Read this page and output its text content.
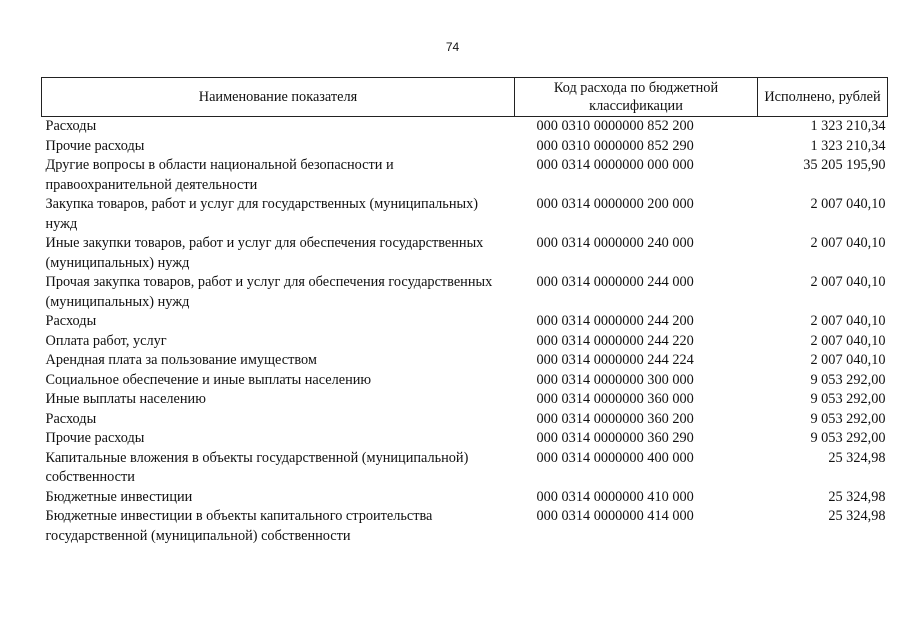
74
Наименование показателя	Код расхода по бюджетной классификации	Исполнено, рублей
Расходы	000 0310 0000000 852 200	1 323 210,34
Прочие расходы	000 0310 0000000 852 290	1 323 210,34
Другие вопросы в области национальной безопасности и правоохранительной деятельности	000 0314 0000000 000 000	35 205 195,90
Закупка товаров, работ и услуг для государственных (муниципальных) нужд	000 0314 0000000 200 000	2 007 040,10
Иные закупки товаров, работ и услуг для обеспечения государственных (муниципальных) нужд	000 0314 0000000 240 000	2 007 040,10
Прочая закупка товаров, работ и услуг для обеспечения государственных (муниципальных) нужд	000 0314 0000000 244 000	2 007 040,10
Расходы	000 0314 0000000 244 200	2 007 040,10
Оплата работ, услуг	000 0314 0000000 244 220	2 007 040,10
Арендная плата за пользование имуществом	000 0314 0000000 244 224	2 007 040,10
Социальное обеспечение и иные выплаты населению	000 0314 0000000 300 000	9 053 292,00
Иные выплаты населению	000 0314 0000000 360 000	9 053 292,00
Расходы	000 0314 0000000 360 200	9 053 292,00
Прочие расходы	000 0314 0000000 360 290	9 053 292,00
Капитальные вложения в объекты государственной (муниципальной) собственности	000 0314 0000000 400 000	25 324,98
Бюджетные инвестиции	000 0314 0000000 410 000	25 324,98
Бюджетные инвестиции в объекты капитального строительства государственной (муниципальной) собственности	000 0314 0000000 414 000	25 324,98
